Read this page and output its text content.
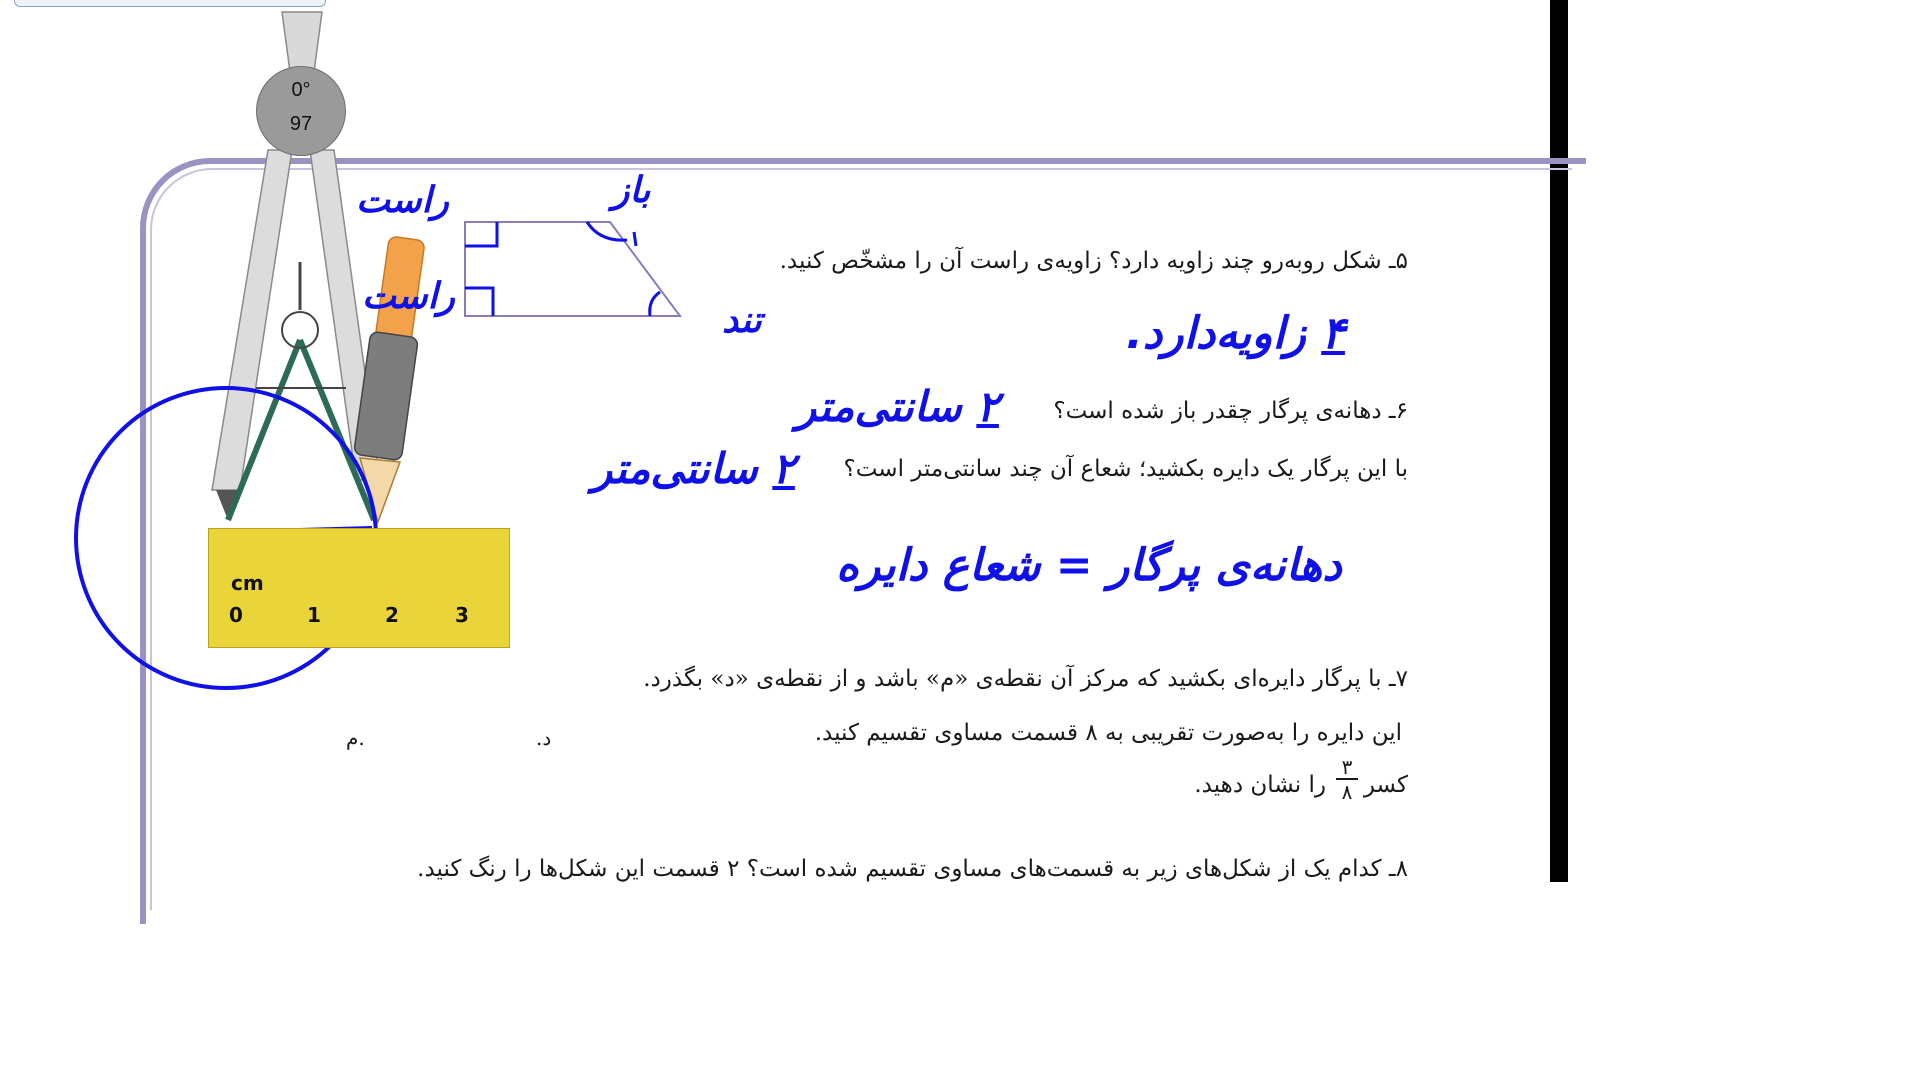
۵ـ شکل روبه‌رو چند زاویه دارد؟ زاویه‌ی راست آن را مشخّص کنید.
۶ـ دهانه‌ی پرگار چقدر باز شده است؟
با این پرگار یک دایره بکشید؛ شعاع آن چند سانتی‌متر است؟
۷ـ با پرگار دایره‌ای بکشید که مرکز آن نقطه‌ی «م» باشد و از نقطه‌ی «د» بگذرد.
این دایره را به‌صورت تقریبی به ۸ قسمت مساوی تقسیم کنید.
کسر
۳
۸
را نشان دهید.
د.
.م
۸ـ کدام یک از شکل‌های زیر به قسمت‌های مساوی تقسیم شده است؟ ۲ قسمت این شکل‌ها را رنگ کنید.
cm
0	1	2	3
0°
97
راست
راست
باز
تند	۴ زاویه‌دارد.
۲ سانتی‌متر
۲ سانتی‌متر
دهانه‌ی پرگار = شعاع دایره
